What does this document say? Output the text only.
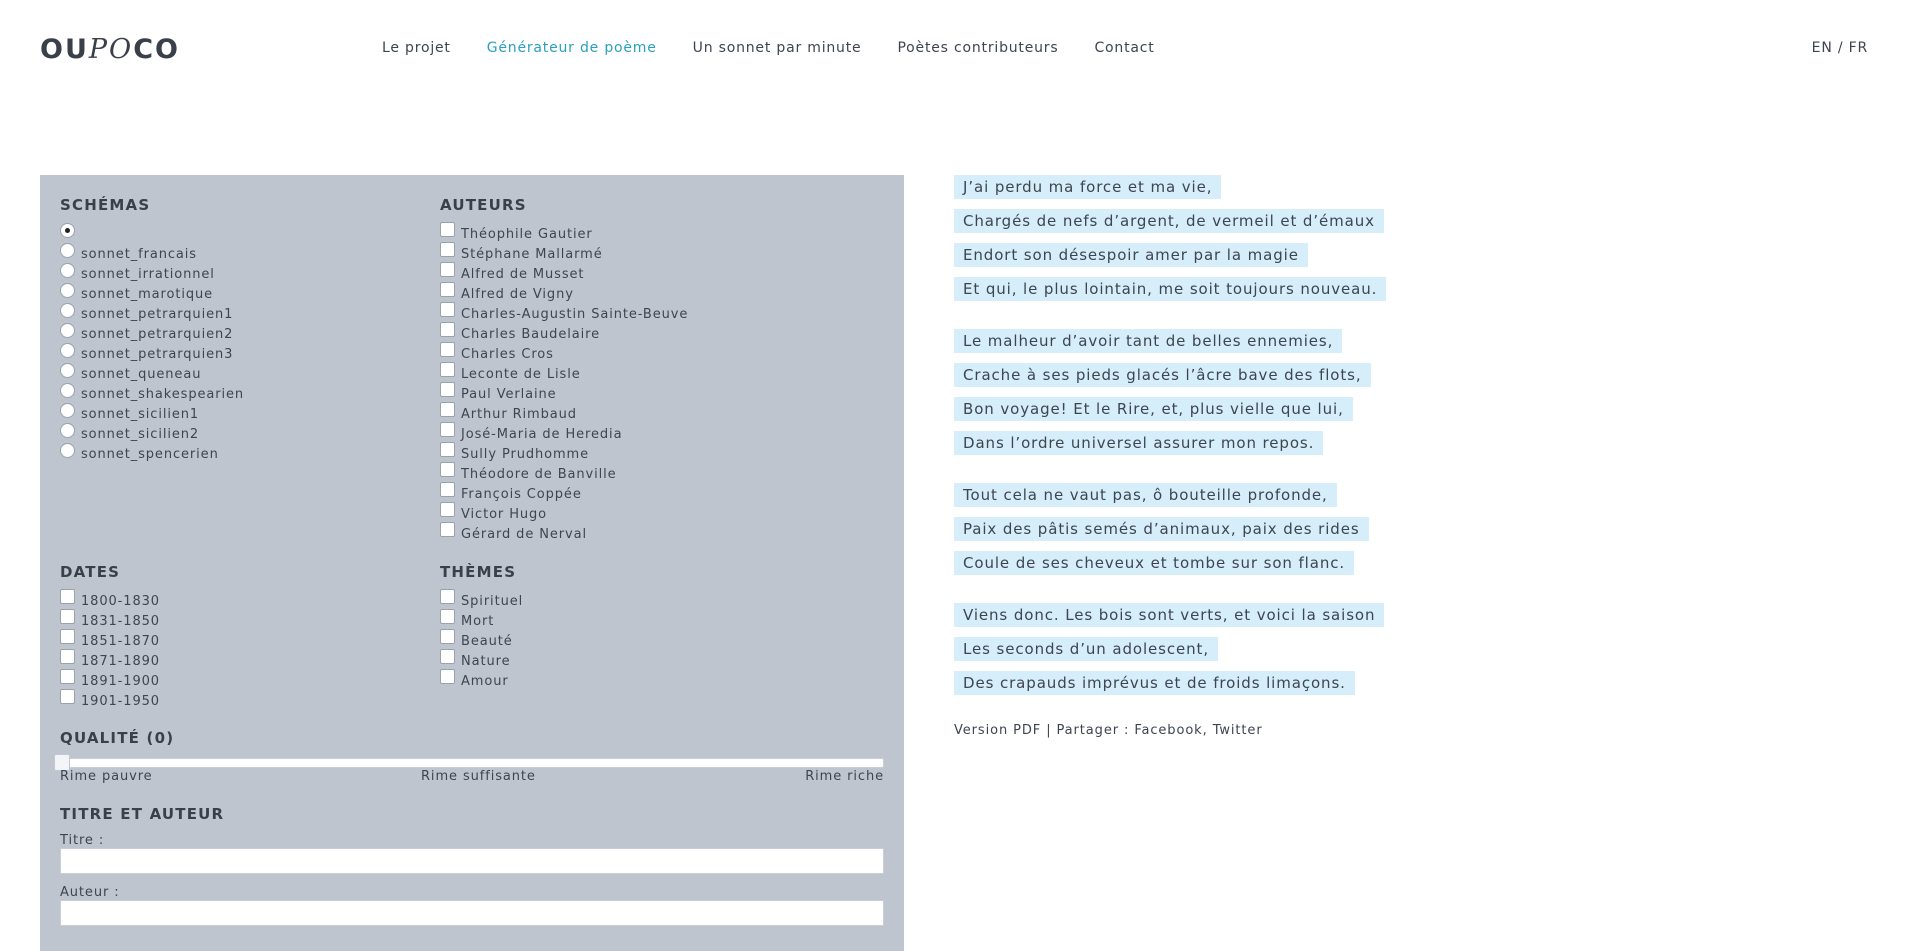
OUPOCO	Le projet	Générateur de poème	Un sonnet par minute	Poètes contributeurs	Contact	EN / FR
SCHÉMAS	AUTEURS
DATES	THÈMES
QUALITÉ (0)
Rime pauvre	Rime suffisante	Rime riche
TITRE ET AUTEUR
Titre :
Auteur :
sonnet_francais
sonnet_irrationnel
sonnet_marotique
sonnet_petrarquien1
sonnet_petrarquien2
sonnet_petrarquien3
sonnet_queneau
sonnet_shakespearien
sonnet_sicilien1
sonnet_sicilien2
sonnet_spencerien
Théophile Gautier
Stéphane Mallarmé
Alfred de Musset
Alfred de Vigny
Charles-Augustin Sainte-Beuve
Charles Baudelaire
Charles Cros
Leconte de Lisle
Paul Verlaine
Arthur Rimbaud
José-Maria de Heredia
Sully Prudhomme
Théodore de Banville
François Coppée
Victor Hugo
Gérard de Nerval
1800-1830
1831-1850
1851-1870
1871-1890
1891-1900
1901-1950
Spirituel
Mort
Beauté
Nature
Amour
J’ai perdu ma force et ma vie,
Chargés de nefs d’argent, de vermeil et d’émaux
Endort son désespoir amer par la magie
Et qui, le plus lointain, me soit toujours nouveau.
Le malheur d’avoir tant de belles ennemies,
Crache à ses pieds glacés l’âcre bave des flots,
Bon voyage! Et le Rire, et, plus vielle que lui,
Dans l’ordre universel assurer mon repos.
Tout cela ne vaut pas, ô bouteille profonde,
Paix des pâtis semés d’animaux, paix des rides
Coule de ses cheveux et tombe sur son flanc.
Viens donc. Les bois sont verts, et voici la saison
Les seconds d’un adolescent,
Des crapauds imprévus et de froids limaçons.
Version PDF | Partager : Facebook, Twitter
